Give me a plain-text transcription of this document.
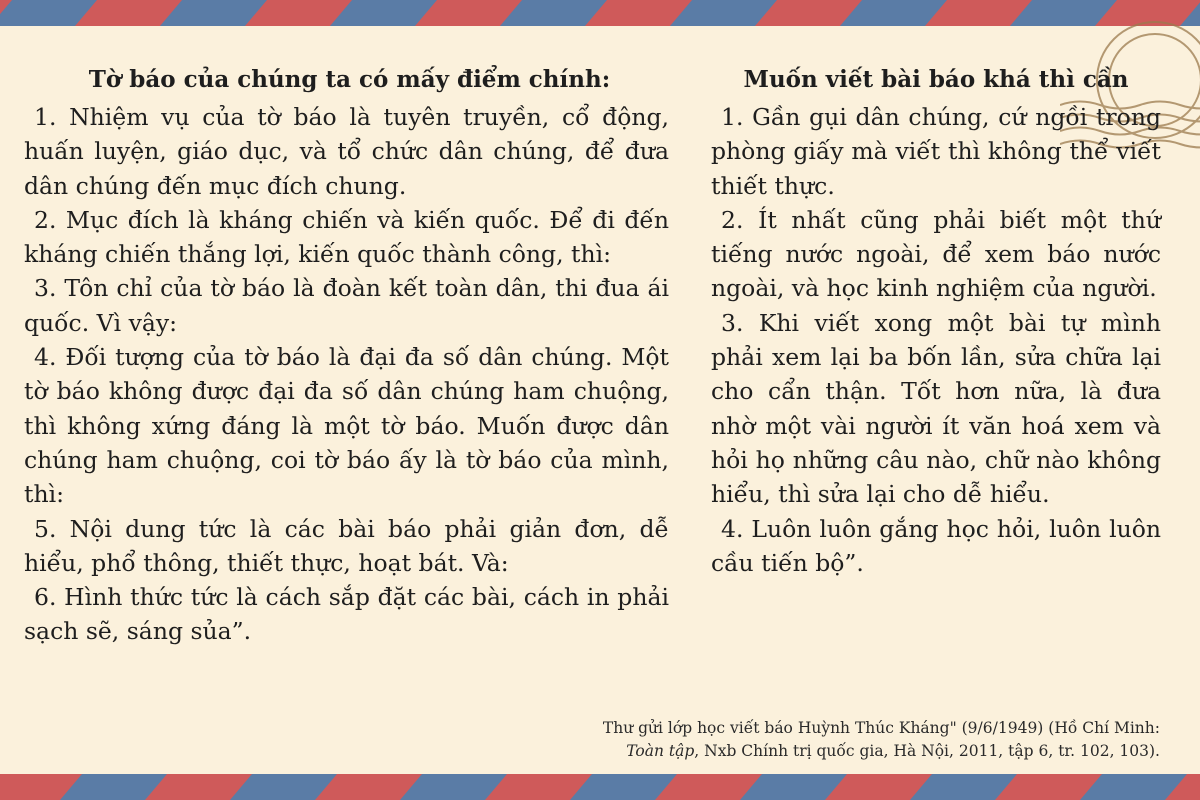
Tờ báo của chúng ta có mấy điểm chính:

1. Nhiệm vụ của tờ báo là tuyên truyền, cổ động, huấn luyện, giáo dục, và tổ chức dân chúng, để đưa dân chúng đến mục đích chung.

2. Mục đích là kháng chiến và kiến quốc. Để đi đến kháng chiến thắng lợi, kiến quốc thành công, thì:

3. Tôn chỉ của tờ báo là đoàn kết toàn dân, thi đua ái quốc. Vì vậy:

4. Đối tượng của tờ báo là đại đa số dân chúng. Một tờ báo không được đại đa số dân chúng ham chuộng, thì không xứng đáng là một tờ báo. Muốn được dân chúng ham chuộng, coi tờ báo ấy là tờ báo của mình, thì:

5. Nội dung tức là các bài báo phải giản đơn, dễ hiểu, phổ thông, thiết thực, hoạt bát. Và:

6. Hình thức tức là cách sắp đặt các bài, cách in phải sạch sẽ, sáng sủa”.

Muốn viết bài báo khá thì cần

1. Gần gụi dân chúng, cứ ngồi trong phòng giấy mà viết thì không thể viết thiết thực.

2. Ít nhất cũng phải biết một thứ tiếng nước ngoài, để xem báo nước ngoài, và học kinh nghiệm của người.

3. Khi viết xong một bài tự mình phải xem lại ba bốn lần, sửa chữa lại cho cẩn thận. Tốt hơn nữa, là đưa nhờ một vài người ít văn hoá xem và hỏi họ những câu nào, chữ nào không hiểu, thì sửa lại cho dễ hiểu.

4. Luôn luôn gắng học hỏi, luôn luôn cầu tiến bộ”.

Thư gửi lớp học viết báo Huỳnh Thúc Kháng" (9/6/1949) (Hồ Chí Minh:
Toàn tập, Nxb Chính trị quốc gia, Hà Nội, 2011, tập 6, tr. 102, 103).
